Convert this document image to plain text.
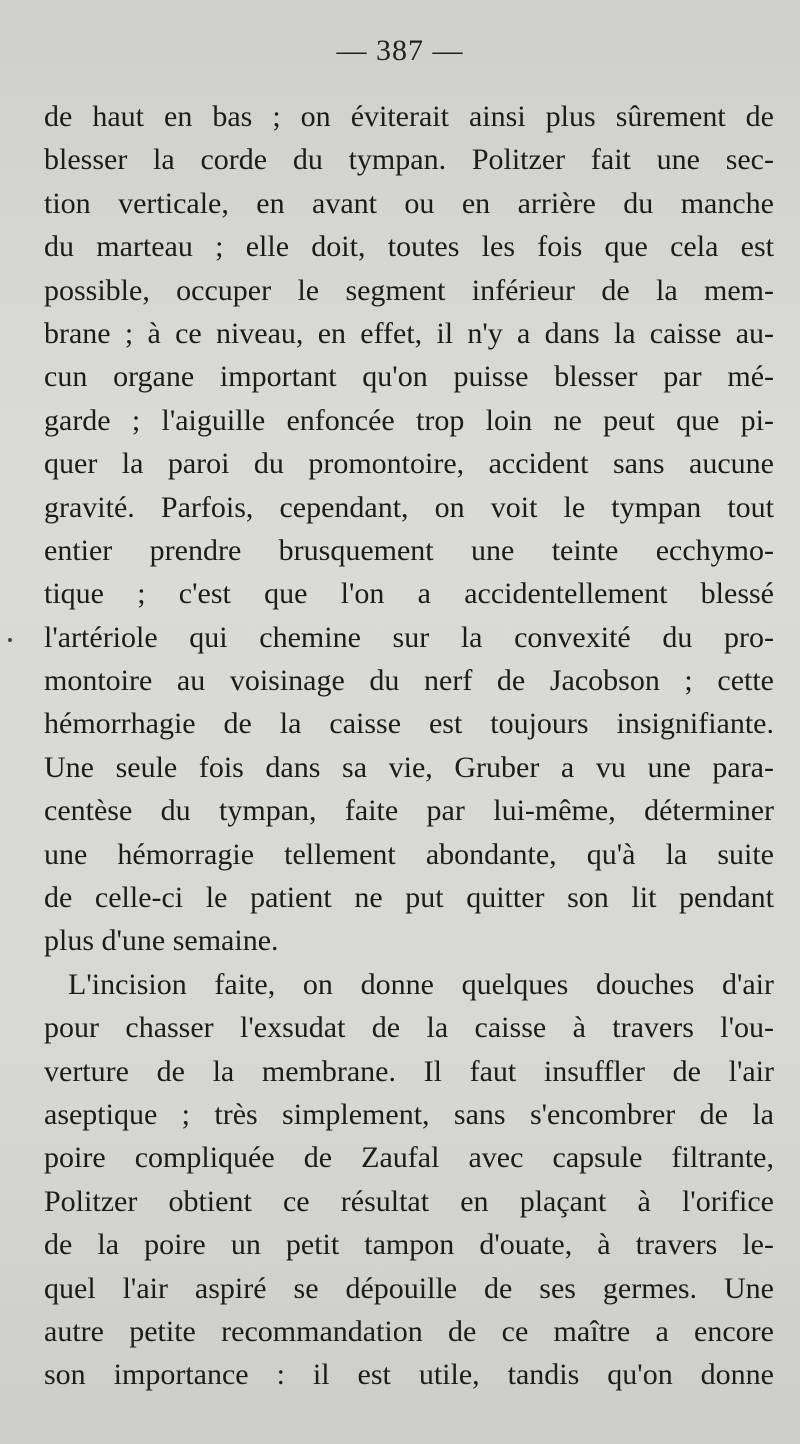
— 387 —
de haut en bas ; on éviterait ainsi plus sûrement de
blesser la corde du tympan. Politzer fait une sec-
tion verticale, en avant ou en arrière du manche
du marteau ; elle doit, toutes les fois que cela est
possible, occuper le segment inférieur de la mem-
brane ; à ce niveau, en effet, il n'y a dans la caisse au-
cun organe important qu'on puisse blesser par mé-
garde ; l'aiguille enfoncée trop loin ne peut que pi-
quer la paroi du promontoire, accident sans aucune
gravité. Parfois, cependant, on voit le tympan tout
entier prendre brusquement une teinte ecchymo-
tique ; c'est que l'on a accidentellement blessé
l'artériole qui chemine sur la convexité du pro-
montoire au voisinage du nerf de Jacobson ; cette
hémorrhagie de la caisse est toujours insignifiante.
Une seule fois dans sa vie, Gruber a vu une para-
centèse du tympan, faite par lui-même, déterminer
une hémorragie tellement abondante, qu'à la suite
de celle-ci le patient ne put quitter son lit pendant
plus d'une semaine.
L'incision faite, on donne quelques douches d'air
pour chasser l'exsudat de la caisse à travers l'ou-
verture de la membrane. Il faut insuffler de l'air
aseptique ; très simplement, sans s'encombrer de la
poire compliquée de Zaufal avec capsule filtrante,
Politzer obtient ce résultat en plaçant à l'orifice
de la poire un petit tampon d'ouate, à travers le-
quel l'air aspiré se dépouille de ses germes. Une
autre petite recommandation de ce maître a encore
son importance : il est utile, tandis qu'on donne
